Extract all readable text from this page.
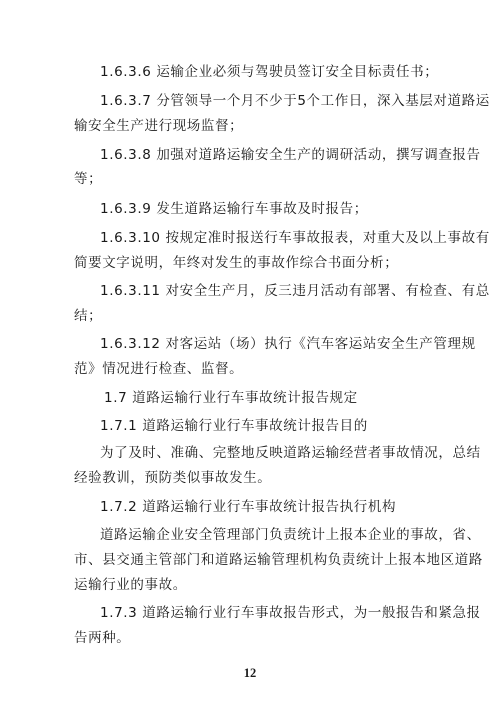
1.6.3.6 运输企业必须与驾驶员签订安全目标责任书；
1.6.3.7 分管领导一个月不少于5个工作日，深入基层对道路运
输安全生产进行现场监督；
1.6.3.8 加强对道路运输安全生产的调研活动，撰写调查报告
等；
1.6.3.9 发生道路运输行车事故及时报告；
1.6.3.10 按规定准时报送行车事故报表，对重大及以上事故有
简要文字说明，年终对发生的事故作综合书面分析；
1.6.3.11 对安全生产月，反三违月活动有部署、有检查、有总
结；
1.6.3.12 对客运站（场）执行《汽车客运站安全生产管理规
范》情况进行检查、监督。
1.7 道路运输行业行车事故统计报告规定
1.7.1 道路运输行业行车事故统计报告目的
为了及时、准确、完整地反映道路运输经营者事故情况，总结
经验教训，预防类似事故发生。
1.7.2 道路运输行业行车事故统计报告执行机构
道路运输企业安全管理部门负责统计上报本企业的事故，省、
市、县交通主管部门和道路运输管理机构负责统计上报本地区道路
运输行业的事故。
1.7.3 道路运输行业行车事故报告形式，为一般报告和紧急报
告两种。
12
